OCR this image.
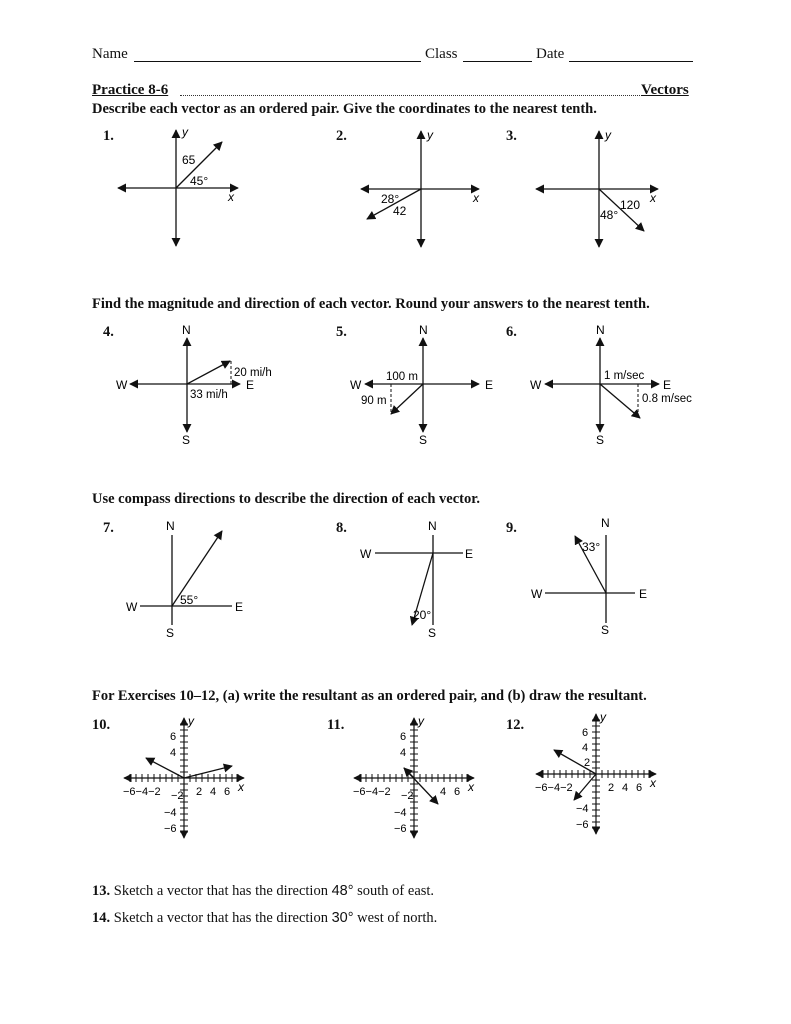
Name	Class	Date
Practice 8-6	Vectors
Describe each vector as an ordered pair. Give the coordinates to the nearest tenth.
Find the magnitude and direction of each vector. Round your answers to the nearest tenth.
Use compass directions to describe the direction of each vector.
For Exercises 10–12, (a) write the resultant as an ordered pair, and (b) draw the resultant.
1.	2.	3.
4.	5.	6.
7.	8.	9.
10.	11.	12.
y
x
65
45°
y
x
28°
42
y
x
120
48°
N
S
W	E
20 mi/h
33 mi/h
N
S
W	E
100 m
90 m
N
S
W	E
1 m/sec
0.8 m/sec
N
S
W	E
55°
N
S
W	E
20°
N
S
W	E
33°
y
x
6
4
−6−4−2	2 4 6
−2
−4
−6
y
x
6
4
−6−4−2	4 6
−2
−4
−6
y
x
6
4
2
−6−4−2	2 4 6
−4
−6
13. Sketch a vector that has the direction 48° south of east.
14. Sketch a vector that has the direction 30° west of north.
